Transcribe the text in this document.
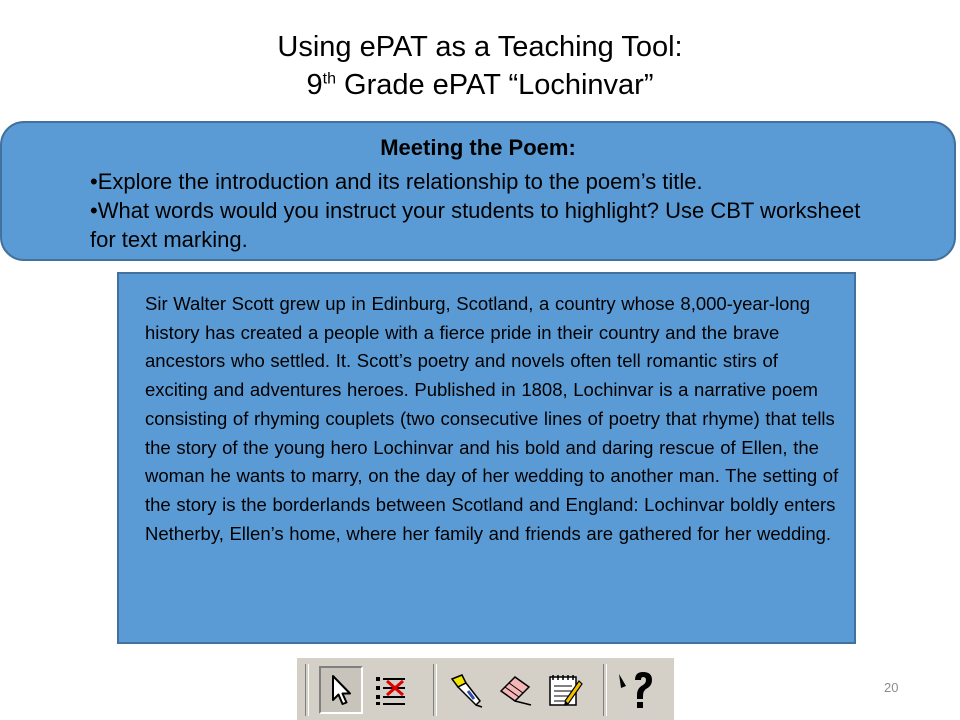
Using ePAT as a Teaching Tool:
9th Grade ePAT “Lochinvar”
Meeting the Poem:
•Explore the introduction and its relationship to the poem’s title.
•What words would you instruct your students to highlight? Use CBT worksheet for text marking.
Sir Walter Scott grew up in Edinburg, Scotland, a country whose 8,000-year-long history has created a people with a fierce pride in their country and the brave ancestors who settled. It. Scott’s poetry and novels often tell romantic stirs of exciting and adventures heroes. Published in 1808, Lochinvar is a narrative poem consisting of rhyming couplets (two consecutive lines of poetry that rhyme) that tells the story of the young hero Lochinvar and his bold and daring rescue of Ellen, the woman he wants to marry, on the day of her wedding to another man. The setting of the story is the borderlands between Scotland and England: Lochinvar boldly enters Netherby, Ellen’s home, where her family and friends are gathered for her wedding.
20
